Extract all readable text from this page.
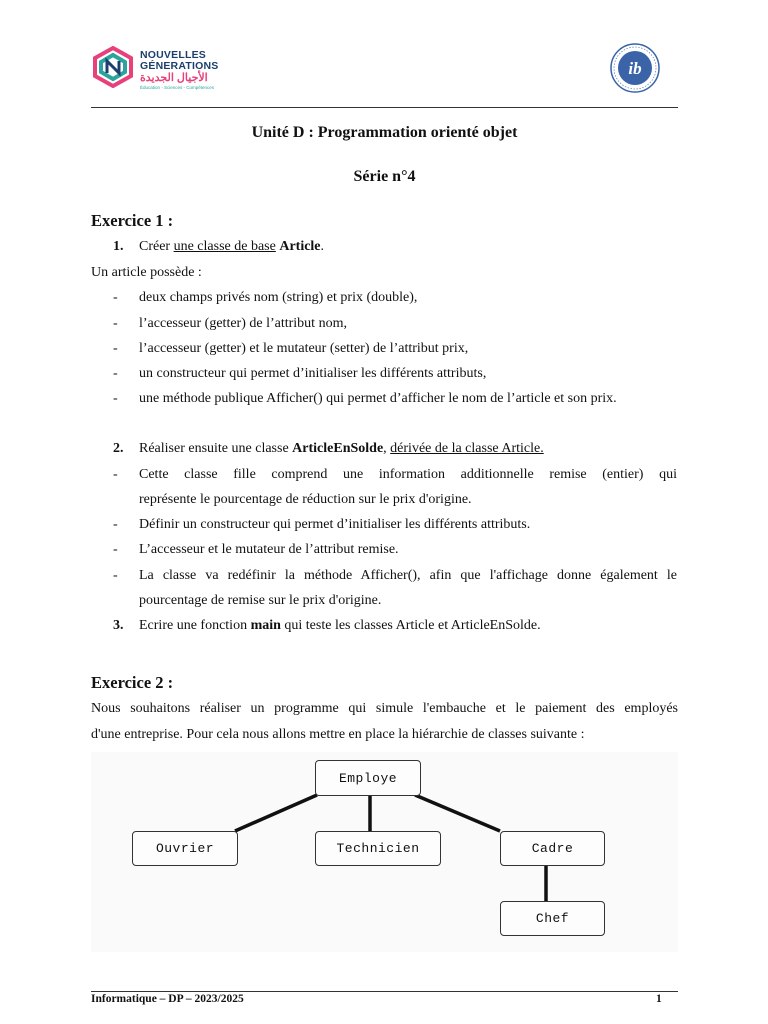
NOUVELLES
GÉNERATIONS
الأجيال الجديدة
Éducation - Sciences - Compétences
ib
Unité D : Programmation orienté objet
Série n°4
Exercice 1 :
1. Créer une classe de base Article.
Un article possède :
- deux champs privés nom (string) et prix (double),
- l’accesseur (getter) de l’attribut nom,
- l’accesseur (getter) et le mutateur (setter) de l’attribut prix,
- un constructeur qui permet d’initialiser les différents attributs,
- une méthode publique Afficher() qui permet d’afficher le nom de l’article et son prix.
2. Réaliser ensuite une classe ArticleEnSolde, dérivée de la classe Article.
- Cette classe fille comprend une information additionnelle remise (entier) qui
représente le pourcentage de réduction sur le prix d'origine.
- Définir un constructeur qui permet d’initialiser les différents attributs.
- L’accesseur et le mutateur de l’attribut remise.
- La classe va redéfinir la méthode Afficher(), afin que l'affichage donne également le
pourcentage de remise sur le prix d'origine.
3. Ecrire une fonction main qui teste les classes Article et ArticleEnSolde.
Exercice 2 :
Nous souhaitons réaliser un programme qui simule l'embauche et le paiement des employés
d'une entreprise. Pour cela nous allons mettre en place la hiérarchie de classes suivante :
Employe
Ouvrier	Technicien	Cadre
Chef
Informatique – DP – 2023/2025	1
